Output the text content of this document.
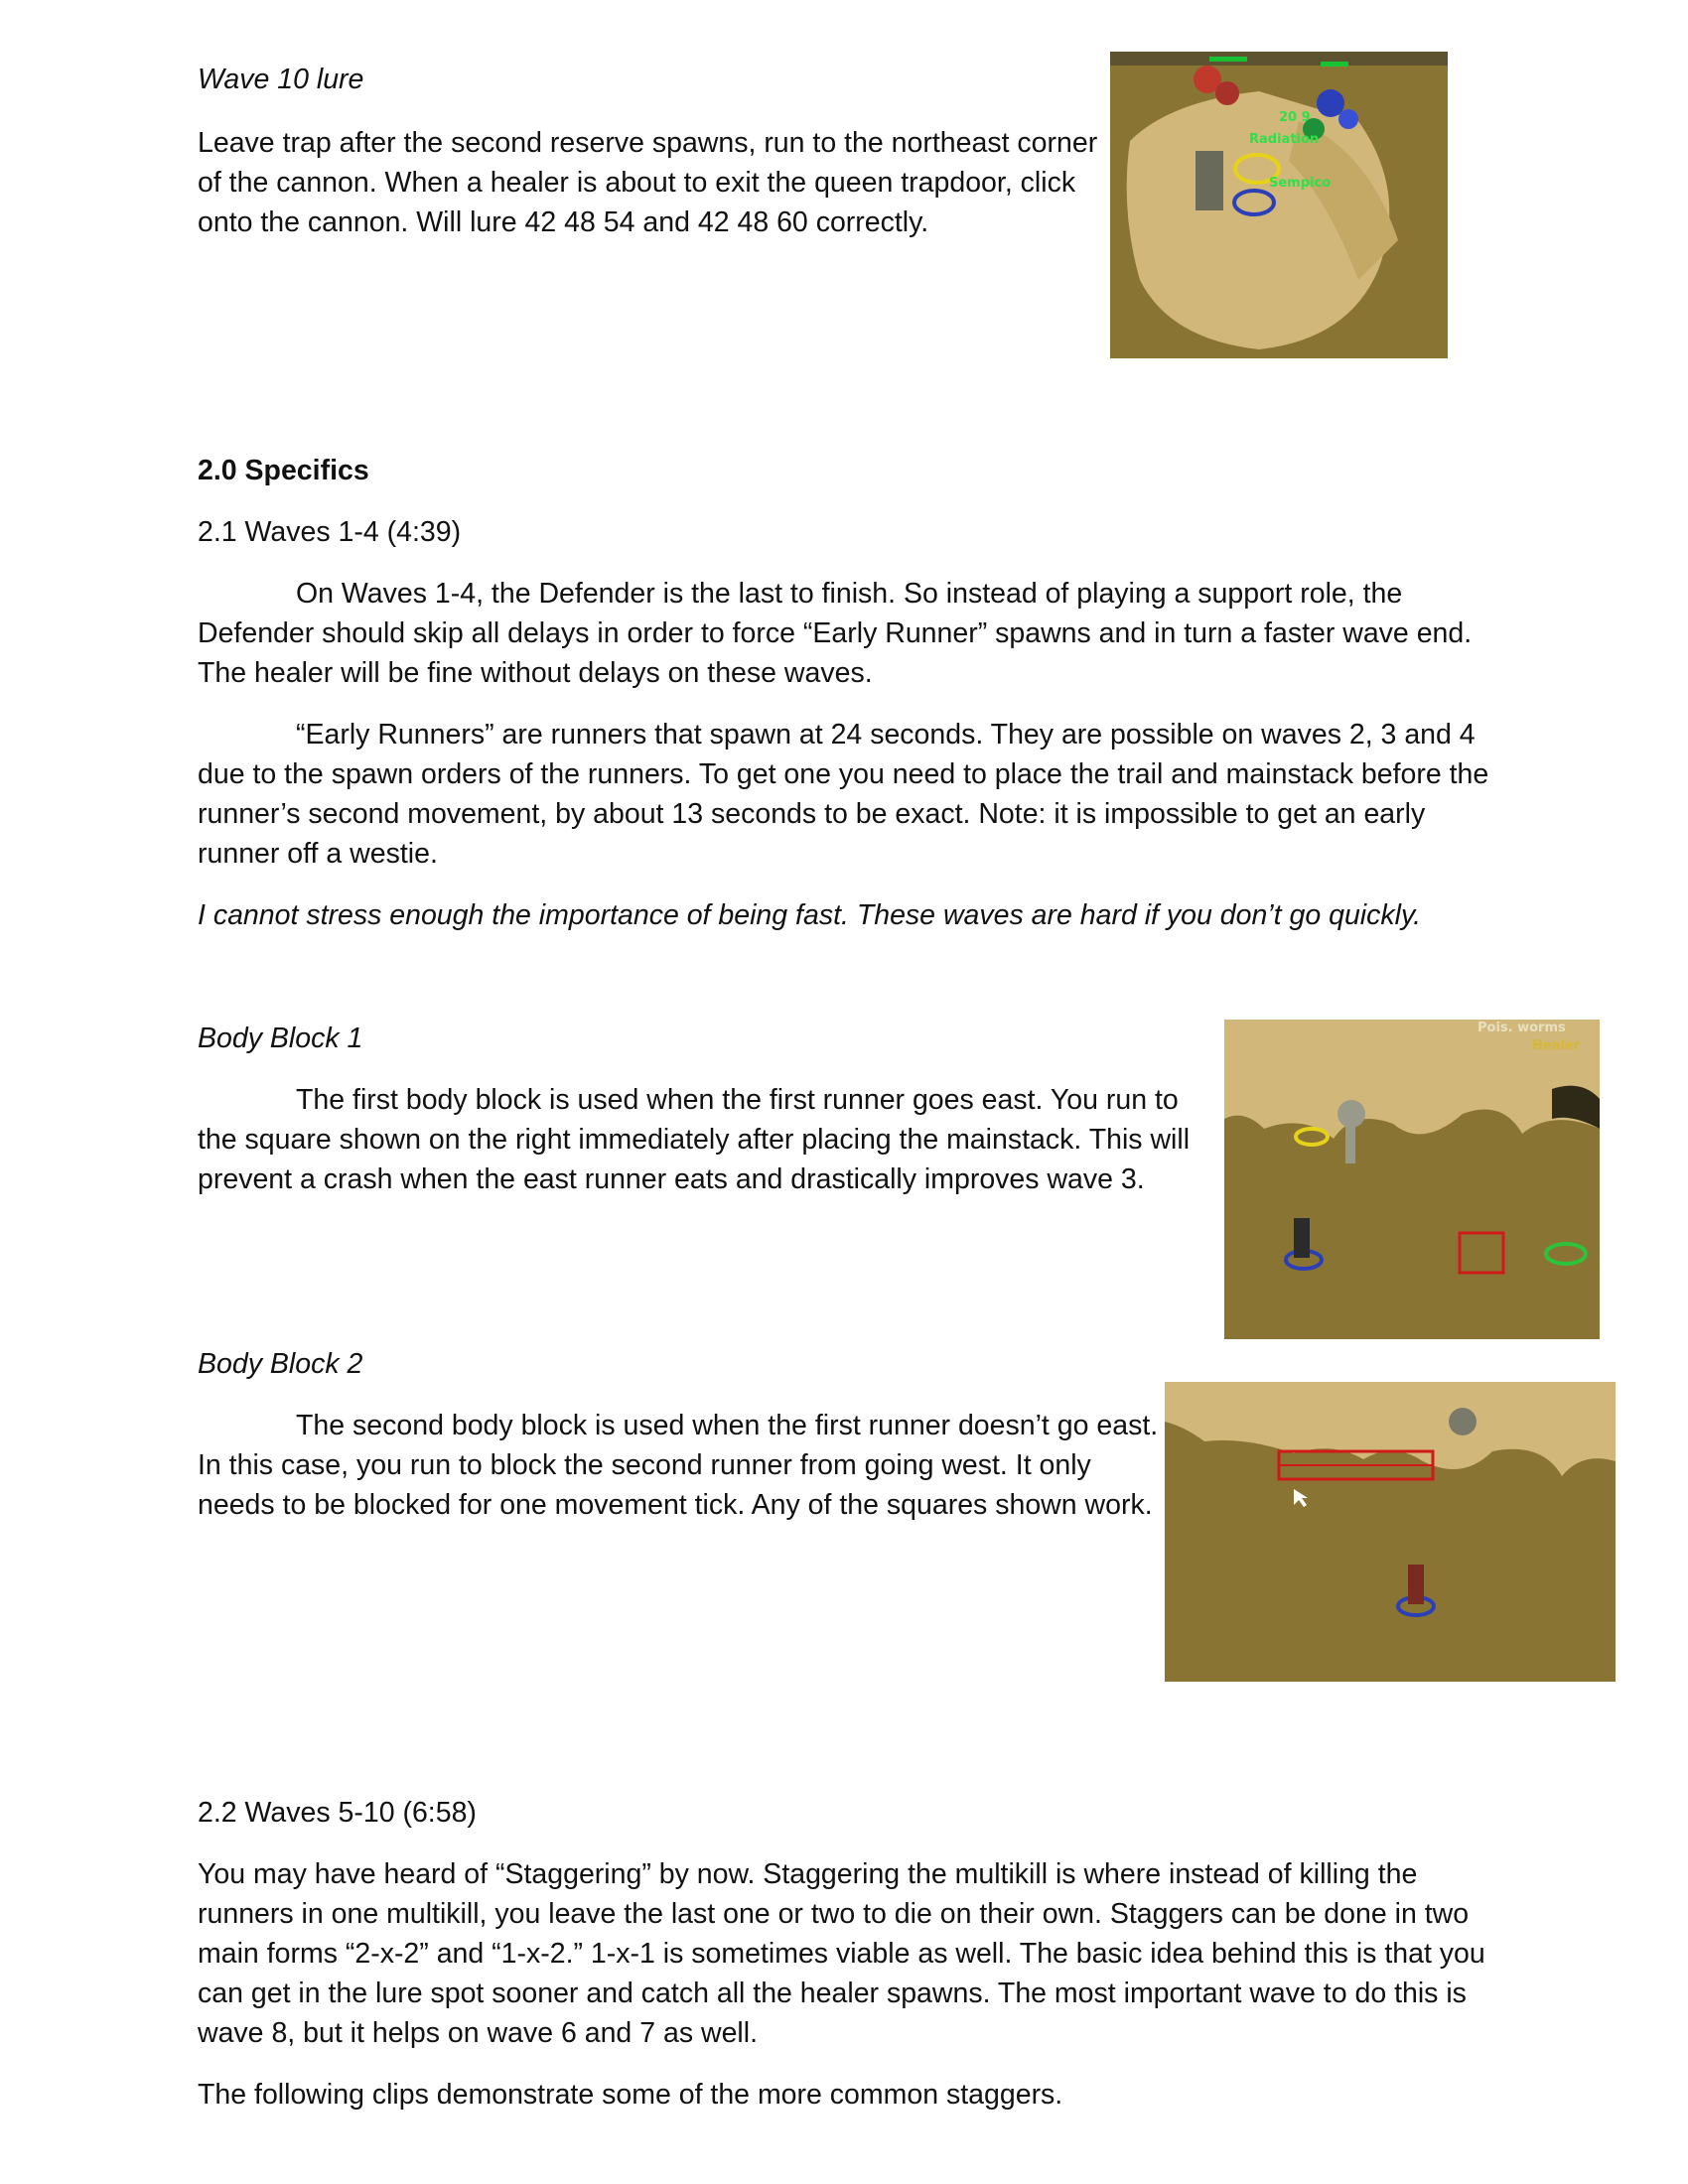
Wave 10 lure

Leave trap after the second reserve spawns, run to the northeast corner

of the cannon. When a healer is about to exit the queen trapdoor, click

onto the cannon. Will lure 42 48 54 and 42 48 60 correctly.

20 9
Radiation
Sempico

2.0 Specifics

2.1 Waves 1-4 (4:39)

On Waves 1-4, the Defender is the last to finish. So instead of playing a support role, the

Defender should skip all delays in order to force “Early Runner” spawns and in turn a faster wave end.

The healer will be fine without delays on these waves.

“Early Runners” are runners that spawn at 24 seconds. They are possible on waves 2, 3 and 4

due to the spawn orders of the runners. To get one you need to place the trail and mainstack before the

runner’s second movement, by about 13 seconds to be exact. Note: it is impossible to get an early

runner off a westie.

I cannot stress enough the importance of being fast. These waves are hard if you don’t go quickly.

Body Block 1

The first body block is used when the first runner goes east. You run to

the square shown on the right immediately after placing the mainstack. This will

prevent a crash when the east runner eats and drastically improves wave 3.

Pois. worms
Healer

Body Block 2

The second body block is used when the first runner doesn’t go east.

In this case, you run to block the second runner from going west. It only

needs to be blocked for one movement tick. Any of the squares shown work.

2.2 Waves 5-10 (6:58)

You may have heard of “Staggering” by now. Staggering the multikill is where instead of killing the

runners in one multikill, you leave the last one or two to die on their own. Staggers can be done in two

main forms “2-x-2” and “1-x-2.” 1-x-1 is sometimes viable as well. The basic idea behind this is that you

can get in the lure spot sooner and catch all the healer spawns. The most important wave to do this is

wave 8, but it helps on wave 6 and 7 as well.

The following clips demonstrate some of the more common staggers.
